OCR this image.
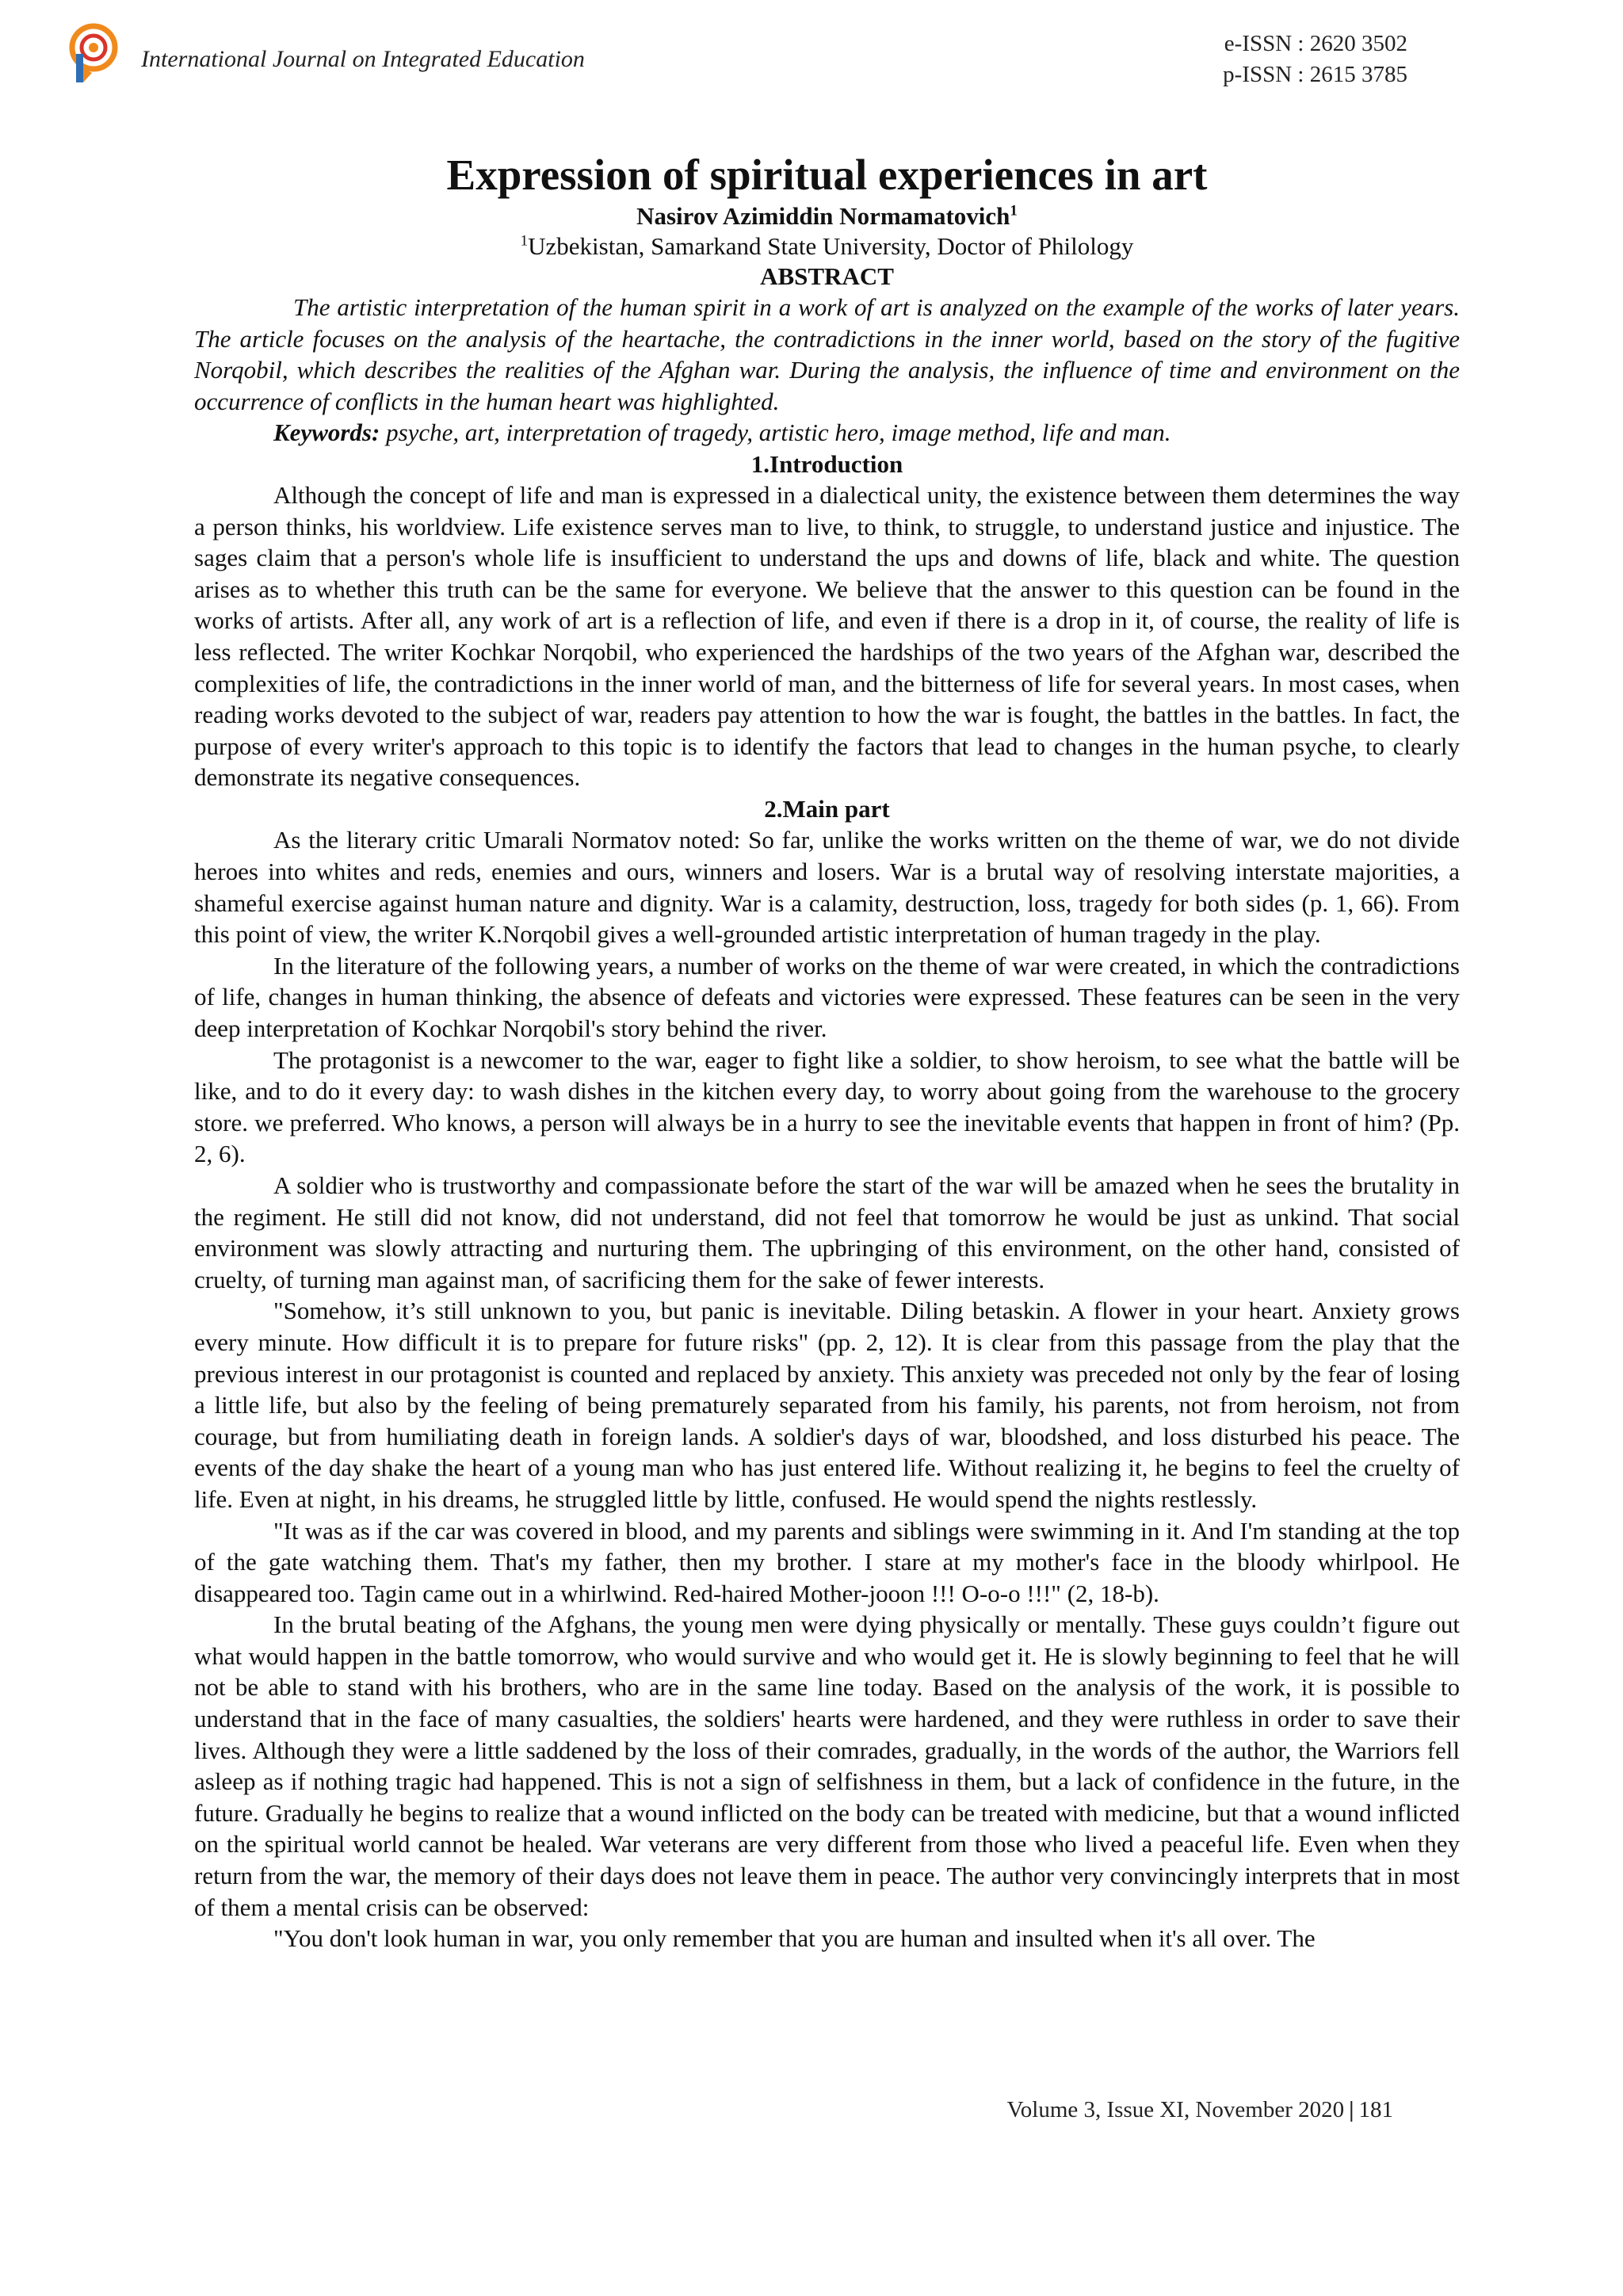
International Journal on Integrated Education
e-ISSN : 2620 3502
p-ISSN : 2615 3785
Expression of spiritual experiences in art

Nasirov Azimiddin Normamatovich$^1$

$^1$Uzbekistan, Samarkand State University, Doctor of Philology

ABSTRACT

The artistic interpretation of the human spirit in a work of art is analyzed on the example of the works of later years. The article focuses on the analysis of the heartache, the contradictions in the inner world, based on the story of the fugitive Norqobil, which describes the realities of the Afghan war. During the analysis, the influence of time and environment on the occurrence of conflicts in the human heart was highlighted.

Keywords: psyche, art, interpretation of tragedy, artistic hero, image method, life and man.

1.Introduction

Although the concept of life and man is expressed in a dialectical unity, the existence between them determines the way a person thinks, his worldview. Life existence serves man to live, to think, to struggle, to understand justice and injustice. The sages claim that a person's whole life is insufficient to understand the ups and downs of life, black and white. The question arises as to whether this truth can be the same for everyone. We believe that the answer to this question can be found in the works of artists. After all, any work of art is a reflection of life, and even if there is a drop in it, of course, the reality of life is less reflected. The writer Kochkar Norqobil, who experienced the hardships of the two years of the Afghan war, described the complexities of life, the contradictions in the inner world of man, and the bitterness of life for several years. In most cases, when reading works devoted to the subject of war, readers pay attention to how the war is fought, the battles in the battles. In fact, the purpose of every writer's approach to this topic is to identify the factors that lead to changes in the human psyche, to clearly demonstrate its negative consequences.

2.Main part

As the literary critic Umarali Normatov noted: So far, unlike the works written on the theme of war, we do not divide heroes into whites and reds, enemies and ours, winners and losers. War is a brutal way of resolving interstate majorities, a shameful exercise against human nature and dignity. War is a calamity, destruction, loss, tragedy for both sides (p. 1, 66). From this point of view, the writer K.Norqobil gives a well-grounded artistic interpretation of human tragedy in the play.

In the literature of the following years, a number of works on the theme of war were created, in which the contradictions of life, changes in human thinking, the absence of defeats and victories were expressed. These features can be seen in the very deep interpretation of Kochkar Norqobil's story behind the river.

The protagonist is a newcomer to the war, eager to fight like a soldier, to show heroism, to see what the battle will be like, and to do it every day: to wash dishes in the kitchen every day, to worry about going from the warehouse to the grocery store. we preferred. Who knows, a person will always be in a hurry to see the inevitable events that happen in front of him? (Pp. 2, 6).

A soldier who is trustworthy and compassionate before the start of the war will be amazed when he sees the brutality in the regiment. He still did not know, did not understand, did not feel that tomorrow he would be just as unkind. That social environment was slowly attracting and nurturing them. The upbringing of this environment, on the other hand, consisted of cruelty, of turning man against man, of sacrificing them for the sake of fewer interests.

"Somehow, it’s still unknown to you, but panic is inevitable. Diling betaskin. A flower in your heart. Anxiety grows every minute. How difficult it is to prepare for future risks" (pp. 2, 12). It is clear from this passage from the play that the previous interest in our protagonist is counted and replaced by anxiety. This anxiety was preceded not only by the fear of losing a little life, but also by the feeling of being prematurely separated from his family, his parents, not from heroism, not from courage, but from humiliating death in foreign lands. A soldier's days of war, bloodshed, and loss disturbed his peace. The events of the day shake the heart of a young man who has just entered life. Without realizing it, he begins to feel the cruelty of life. Even at night, in his dreams, he struggled little by little, confused. He would spend the nights restlessly.

"It was as if the car was covered in blood, and my parents and siblings were swimming in it. And I'm standing at the top of the gate watching them. That's my father, then my brother. I stare at my mother's face in the bloody whirlpool. He disappeared too. Tagin came out in a whirlwind. Red-haired Mother-jooon !!! O-o-o !!!" (2, 18-b).

In the brutal beating of the Afghans, the young men were dying physically or mentally. These guys couldn’t figure out what would happen in the battle tomorrow, who would survive and who would get it. He is slowly beginning to feel that he will not be able to stand with his brothers, who are in the same line today. Based on the analysis of the work, it is possible to understand that in the face of many casualties, the soldiers' hearts were hardened, and they were ruthless in order to save their lives. Although they were a little saddened by the loss of their comrades, gradually, in the words of the author, the Warriors fell asleep as if nothing tragic had happened. This is not a sign of selfishness in them, but a lack of confidence in the future, in the future. Gradually he begins to realize that a wound inflicted on the body can be treated with medicine, but that a wound inflicted on the spiritual world cannot be healed. War veterans are very different from those who lived a peaceful life. Even when they return from the war, the memory of their days does not leave them in peace. The author very convincingly interprets that in most of them a mental crisis can be observed:

"You don't look human in war, you only remember that you are human and insulted when it's all over. The

Volume 3, Issue XI, November 2020 | 181
